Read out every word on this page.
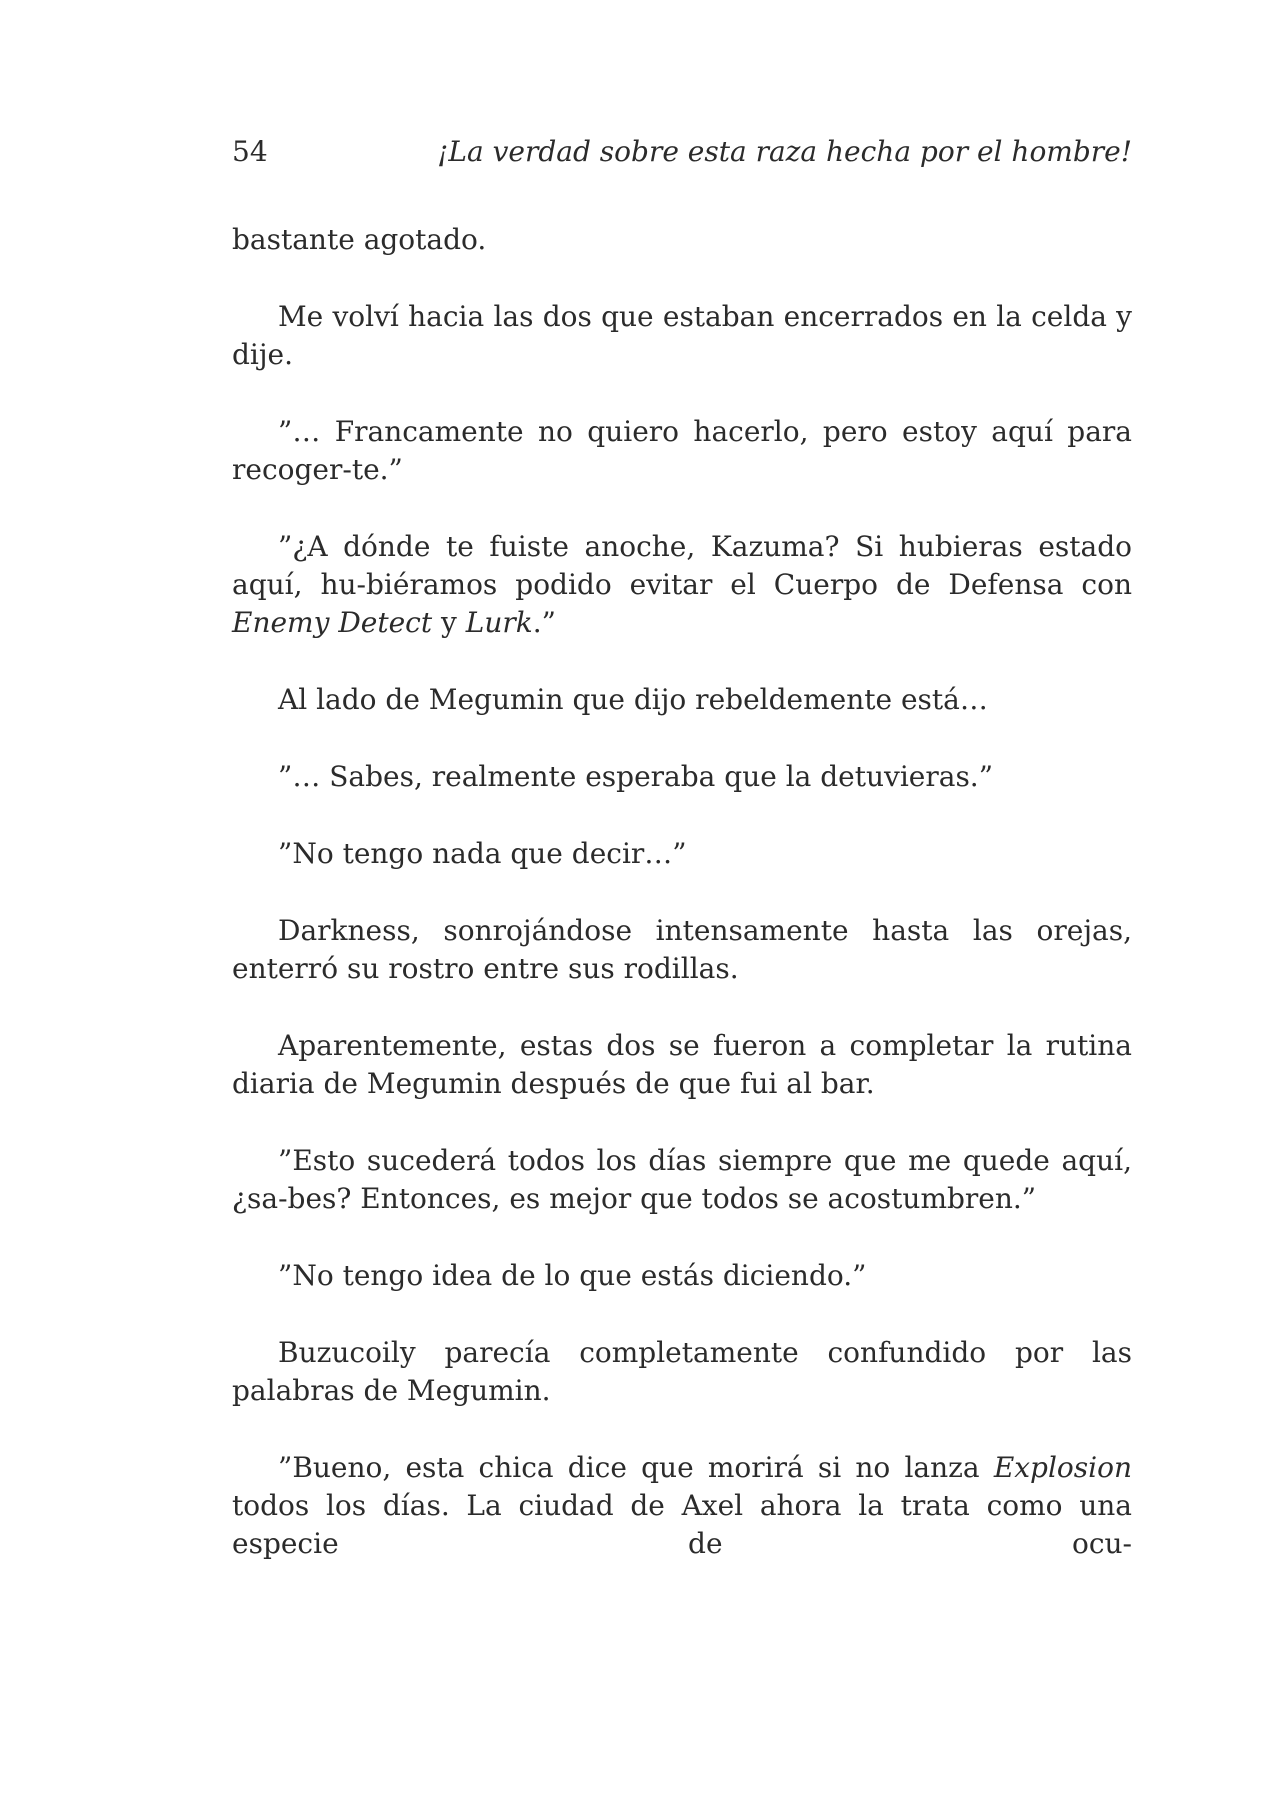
54	¡La verdad sobre esta raza hecha por el hombre!

bastante agotado.

Me volví hacia las dos que estaban encerrados en la celda y dije.

”… Francamente no quiero hacerlo, pero estoy aquí para recoger-te.”

”¿A dónde te fuiste anoche, Kazuma? Si hubieras estado aquí, hu-biéramos podido evitar el Cuerpo de Defensa con Enemy Detect y Lurk.”

Al lado de Megumin que dijo rebeldemente está…

”… Sabes, realmente esperaba que la detuvieras.”

”No tengo nada que decir…”

Darkness, sonrojándose intensamente hasta las orejas, enterró su rostro entre sus rodillas.

Aparentemente, estas dos se fueron a completar la rutina diaria de Megumin después de que fui al bar.

”Esto sucederá todos los días siempre que me quede aquí, ¿sa-bes? Entonces, es mejor que todos se acostumbren.”

”No tengo idea de lo que estás diciendo.”

Buzucoily parecía completamente confundido por las palabras de Megumin.

”Bueno, esta chica dice que morirá si no lanza Explosion todos los días. La ciudad de Axel ahora la trata como una especie de ocu-
